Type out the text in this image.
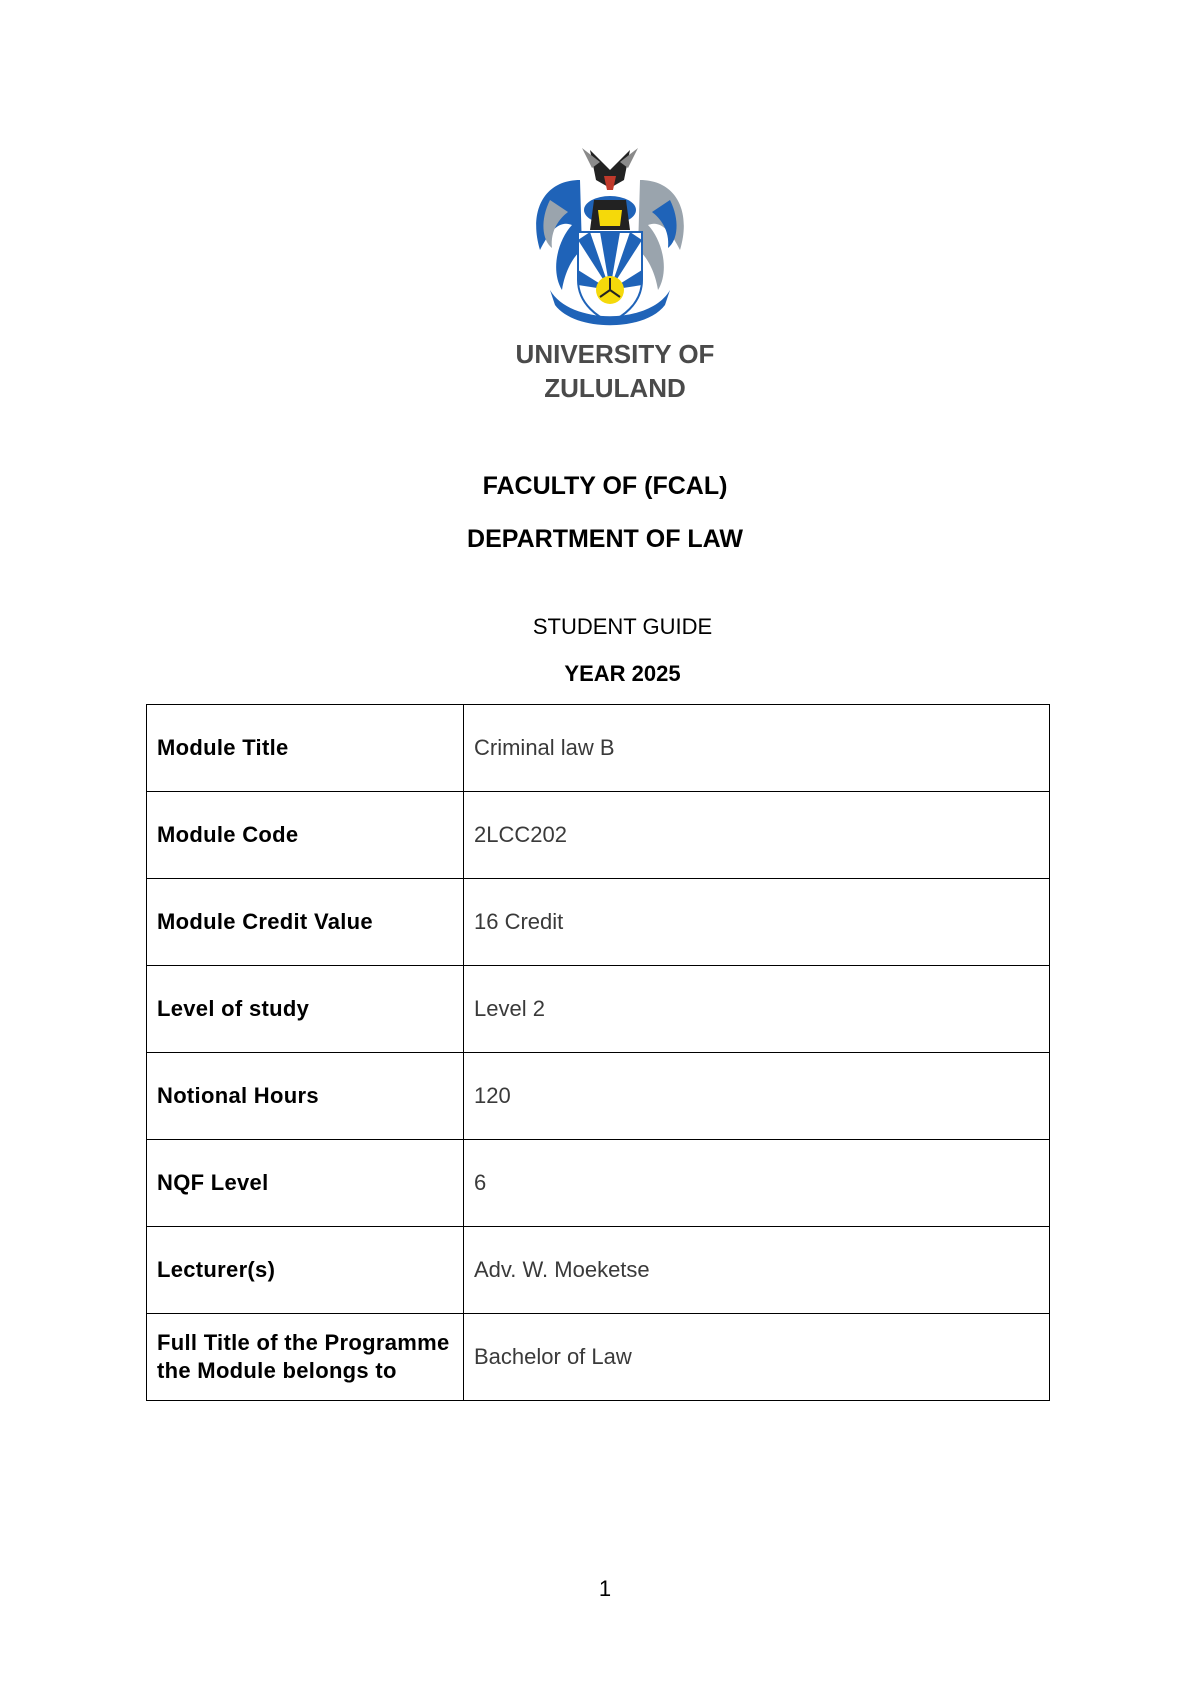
UNIVERSITY OF
ZULULAND
FACULTY OF (FCAL)
DEPARTMENT OF LAW
STUDENT GUIDE
YEAR 2025
Module Title	Criminal law B
Module Code	2LCC202
Module Credit Value	16 Credit
Level of study	Level 2
Notional Hours	120
NQF Level	6
Lecturer(s)	Adv. W. Moeketse
Full Title of the Programme the Module belongs to	Bachelor of Law
1
